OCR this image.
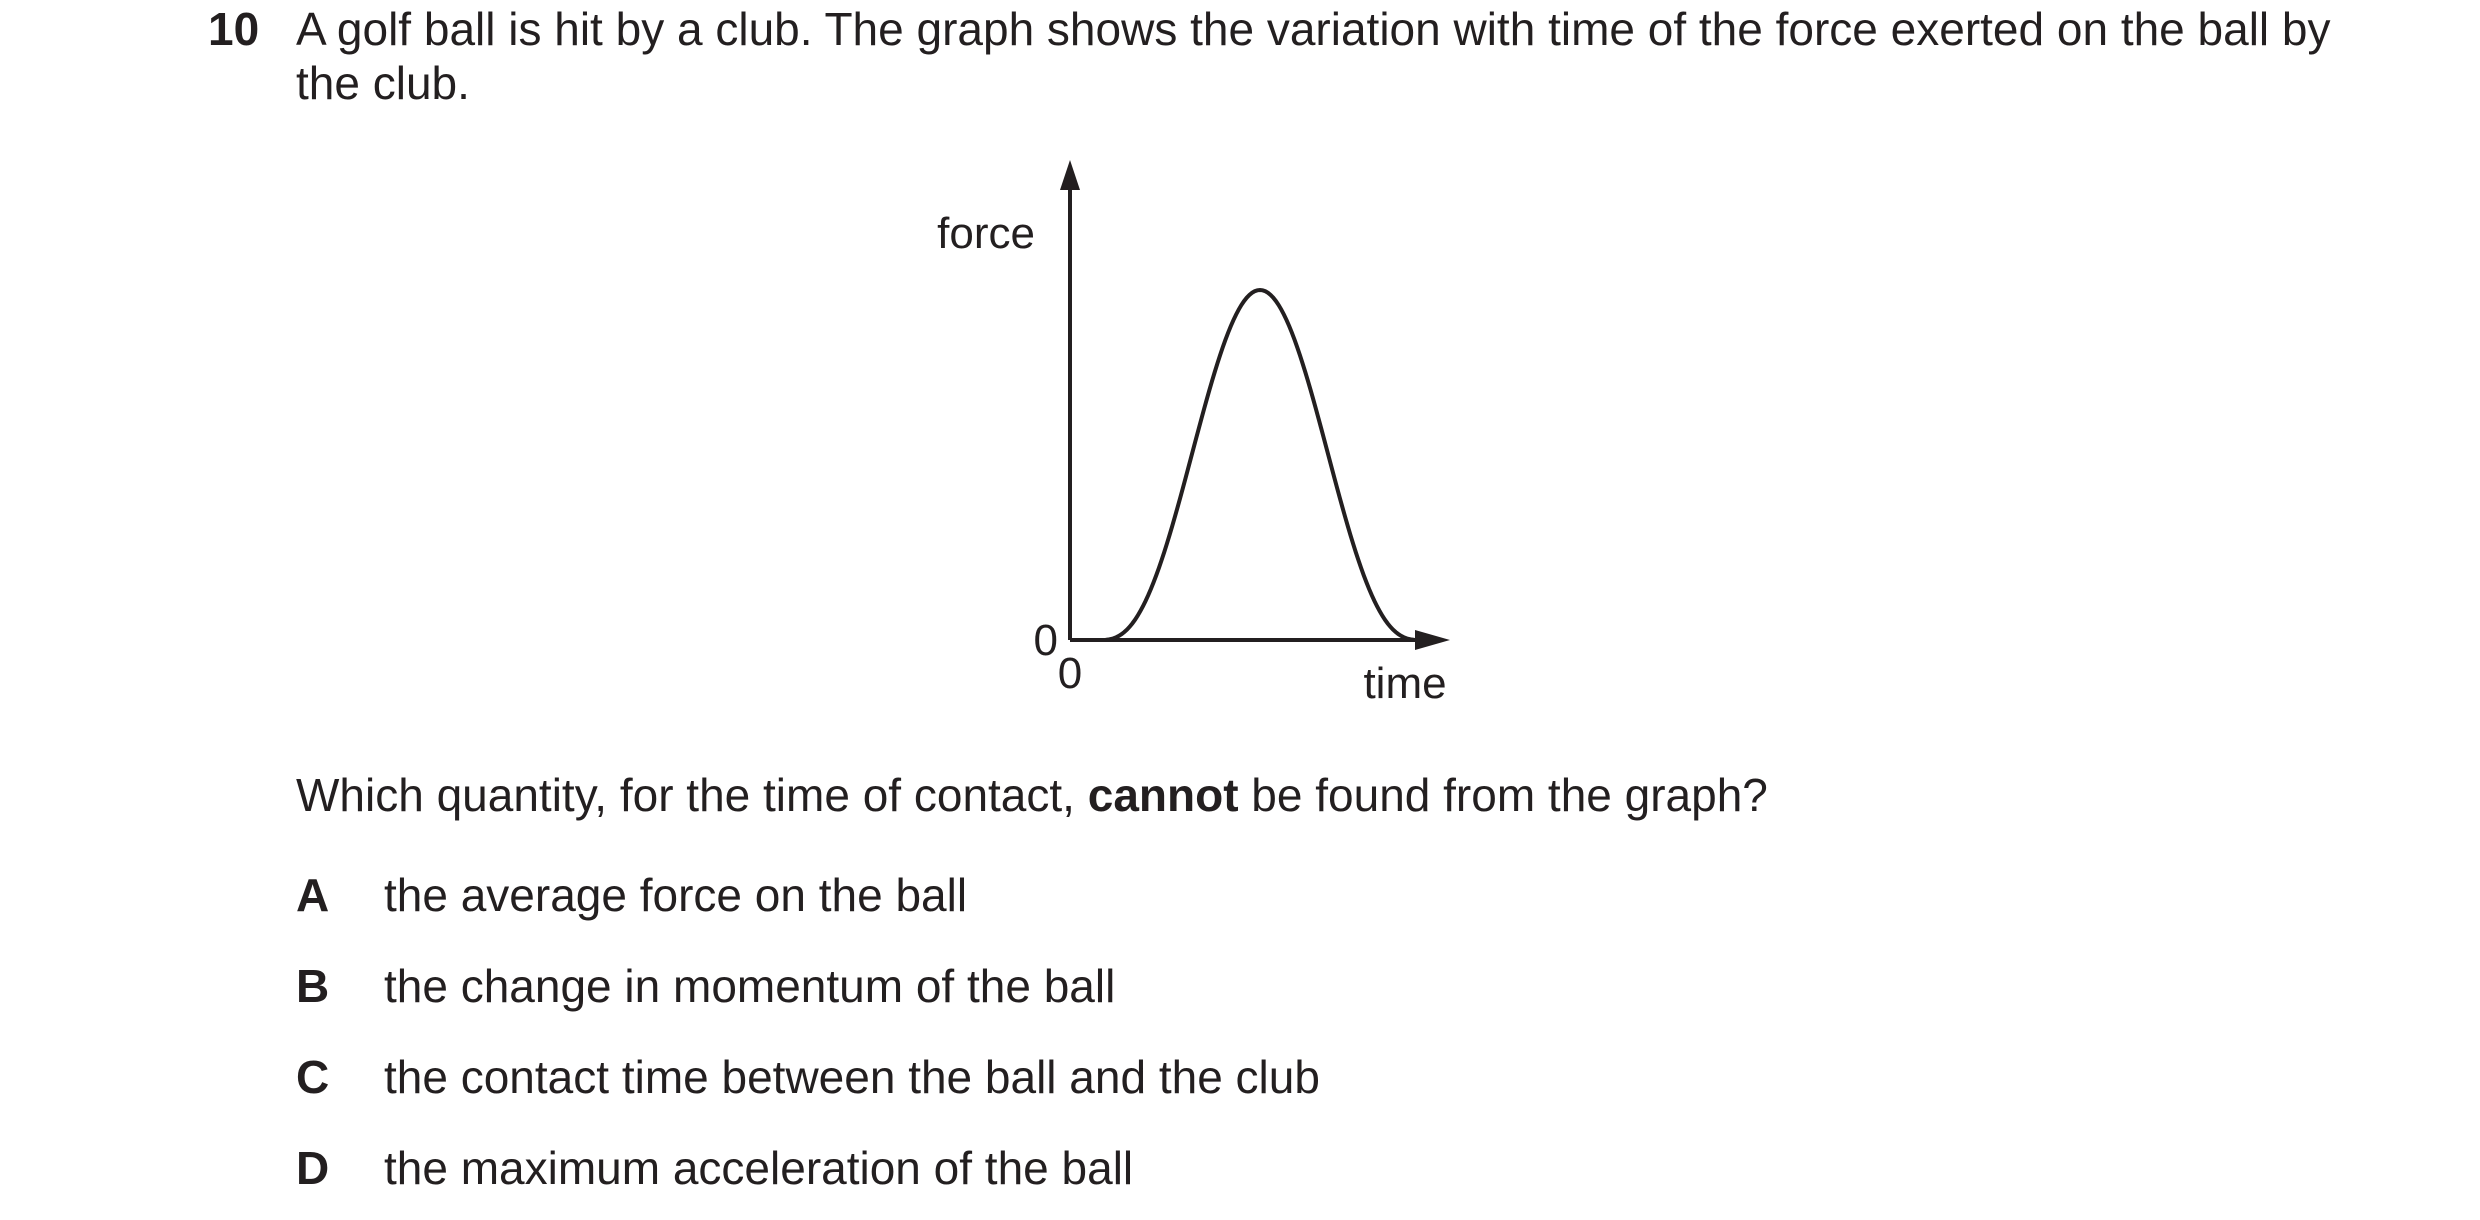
10 A golf ball is hit by a club. The graph shows the variation with time of the force exerted on the ball by the club.
force
time
0
0
Which quantity, for the time of contact, cannot be found from the graph?
A the average force on the ball
B the change in momentum of the ball
C the contact time between the ball and the club
D the maximum acceleration of the ball
